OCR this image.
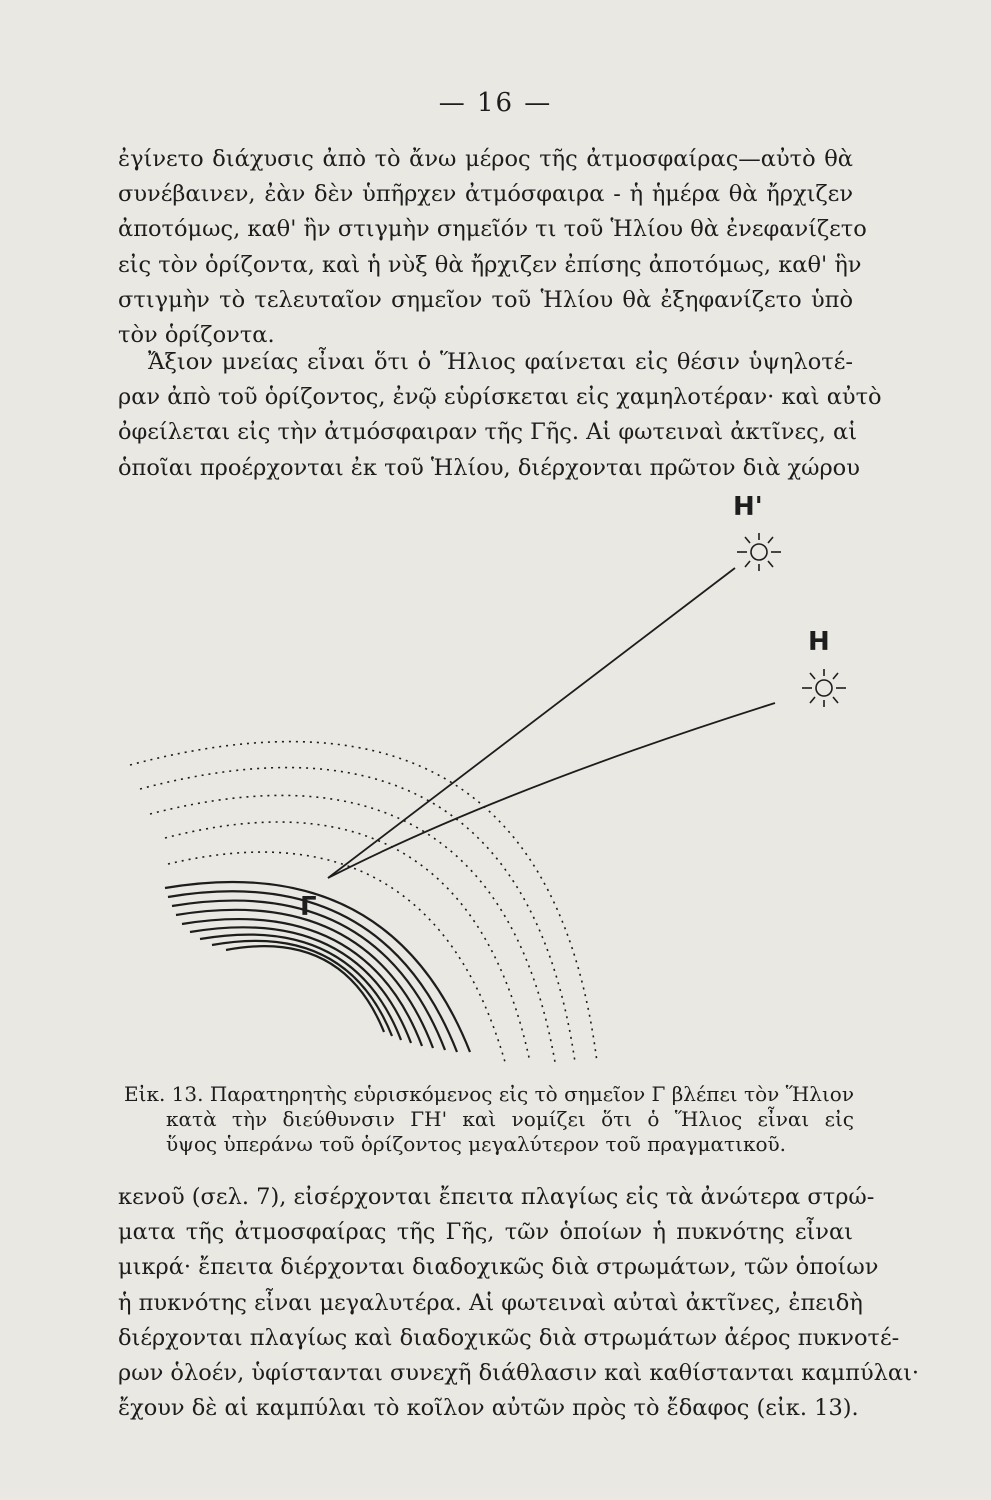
— 16 —
ἐγίνετο διάχυσις ἀπὸ τὸ ἄνω μέρος τῆς ἀτμοσφαίρας—αὐτὸ θὰ
συνέβαινεν, ἐὰν δὲν ὑπῆρχεν ἀτμόσφαιρα - ἡ ἡμέρα θὰ ἤρχιζεν
ἀποτόμως, καθ' ἣν στιγμὴν σημεῖόν τι τοῦ Ἡλίου θὰ ἐνεφανίζετο
εἰς τὸν ὁρίζοντα, καὶ ἡ νὺξ θὰ ἤρχιζεν ἐπίσης ἀποτόμως, καθ' ἣν
στιγμὴν τὸ τελευταῖον σημεῖον τοῦ Ἡλίου θὰ ἐξηφανίζετο ὑπὸ
τὸν ὁρίζοντα.
Ἄξιον μνείας εἶναι ὅτι ὁ Ἥλιος φαίνεται εἰς θέσιν ὑψηλοτέ-
ραν ἀπὸ τοῦ ὁρίζοντος, ἐνῷ εὑρίσκεται εἰς χαμηλοτέραν· καὶ αὐτὸ
ὀφείλεται εἰς τὴν ἀτμόσφαιραν τῆς Γῆς. Αἱ φωτειναὶ ἀκτῖνες, αἱ
ὁποῖαι προέρχονται ἐκ τοῦ Ἡλίου, διέρχονται πρῶτον διὰ χώρου
Η'
Η
Γ
Εἰκ. 13. Παρατηρητὴς εὑρισκόμενος εἰς τὸ σημεῖον Γ βλέπει τὸν Ἥλιον
κατὰ τὴν διεύθυνσιν ΓΗ' καὶ νομίζει ὅτι ὁ Ἥλιος εἶναι εἰς
ὕψος ὑπεράνω τοῦ ὁρίζοντος μεγαλύτερον τοῦ πραγματικοῦ.
κενοῦ (σελ. 7), εἰσέρχονται ἔπειτα πλαγίως εἰς τὰ ἀνώτερα στρώ-
ματα τῆς ἀτμοσφαίρας τῆς Γῆς, τῶν ὁποίων ἡ πυκνότης εἶναι
μικρά· ἔπειτα διέρχονται διαδοχικῶς διὰ στρωμάτων, τῶν ὁποίων
ἡ πυκνότης εἶναι μεγαλυτέρα. Αἱ φωτειναὶ αὐταὶ ἀκτῖνες, ἐπειδὴ
διέρχονται πλαγίως καὶ διαδοχικῶς διὰ στρωμάτων ἀέρος πυκνοτέ-
ρων ὁλοέν, ὑφίστανται συνεχῆ διάθλασιν καὶ καθίστανται καμπύλαι·
ἔχουν δὲ αἱ καμπύλαι τὸ κοῖλον αὐτῶν πρὸς τὸ ἔδαφος (εἰκ. 13).
